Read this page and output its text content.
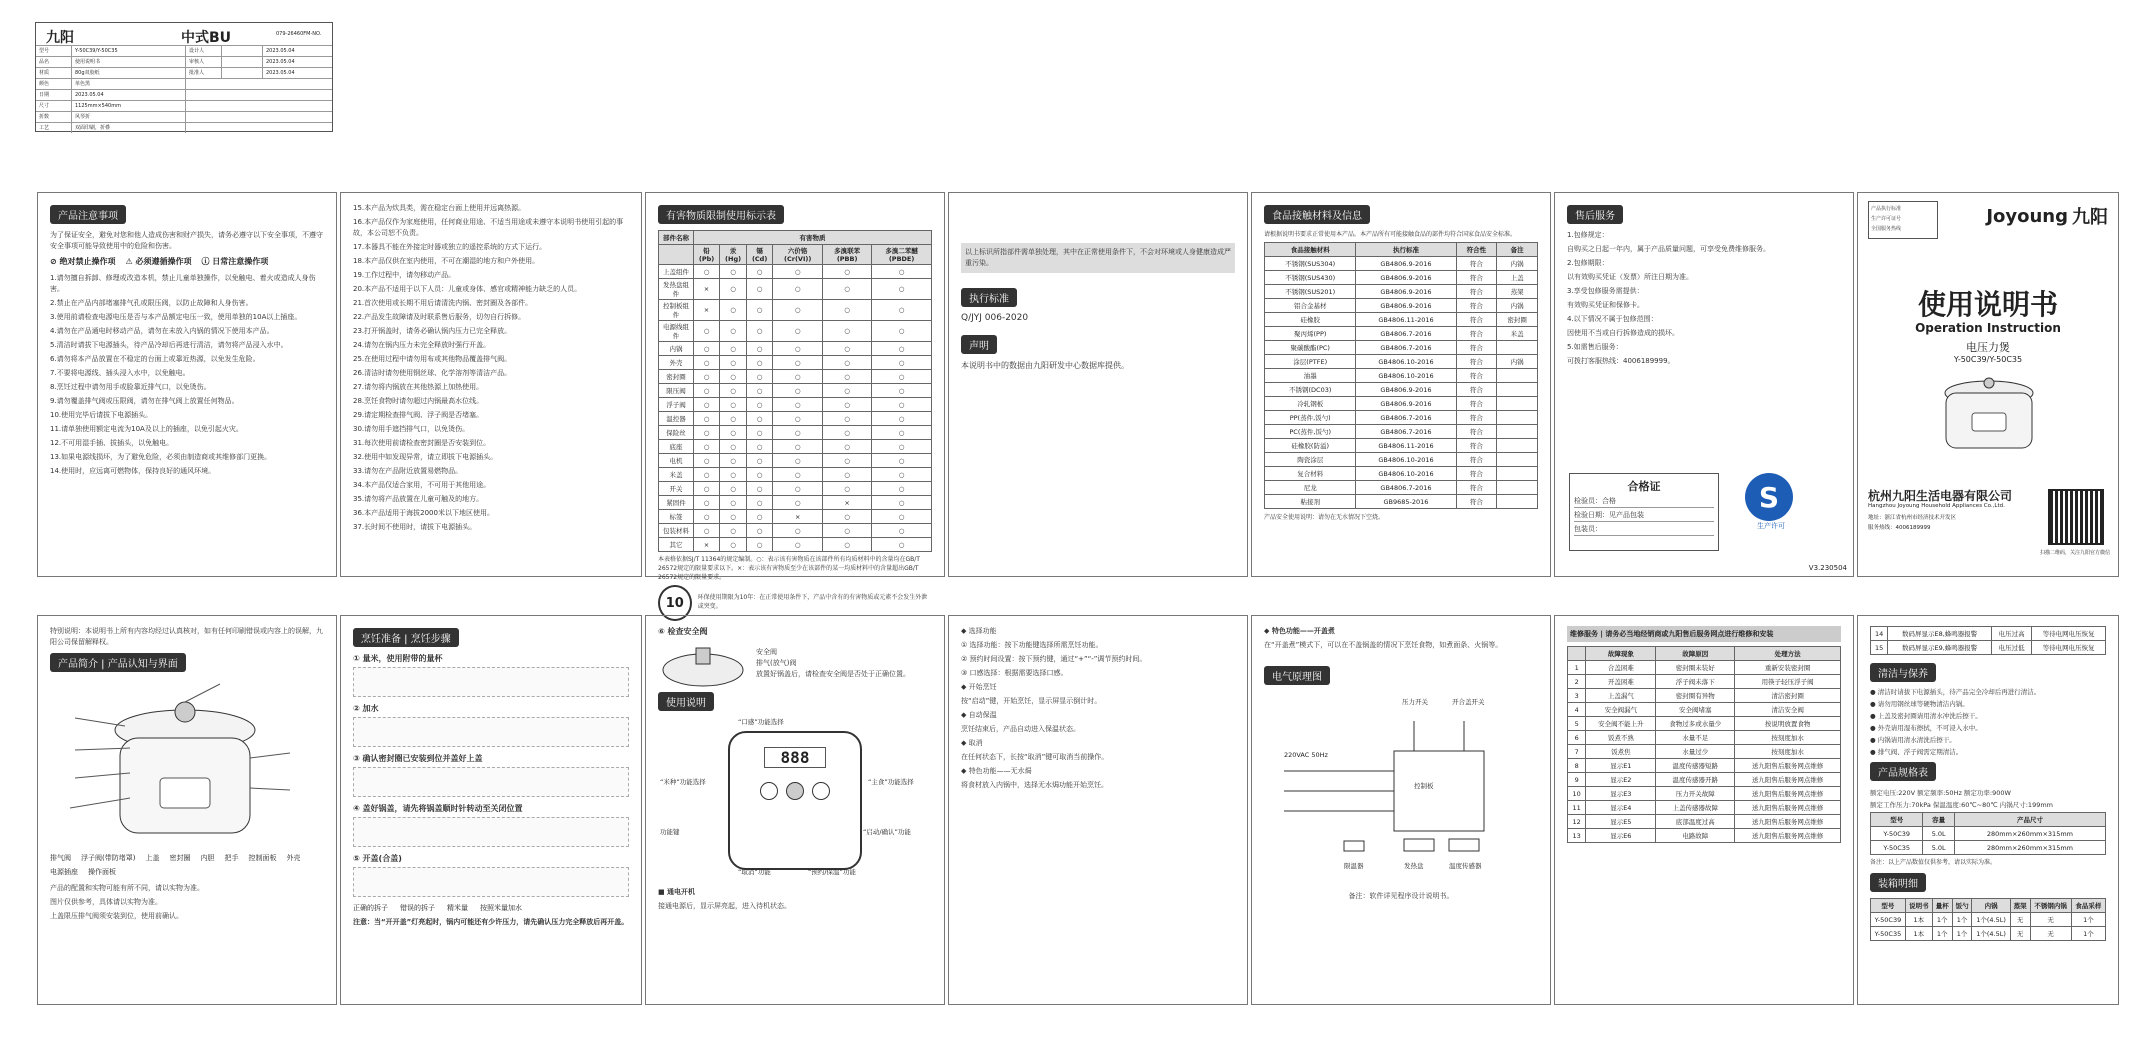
九阳	中式BU	079-26460FM-NO.
型号	Y-50C39/Y-50C35	设计人	2023.05.04
品名	使用说明书	审核人	2023.05.04
材质	80g双胶纸	批准人	2023.05.04
颜色	单色黑
日期	2023.05.04
尺寸	1125mm×540mm
折数	风琴折
工艺	双面印刷，折叠
产品注意事项
为了保证安全，避免对您和他人造成伤害和财产损失，请务必遵守以下安全事项，不遵守安全事项可能导致使用中的危险和伤害。
⊘ 绝对禁止操作项 ⚠ 必须遵循操作项 ⓘ 日常注意操作项
1.请勿擅自拆卸、修理或改造本机，禁止儿童单独操作，以免触电、着火或造成人身伤害。
2.禁止在产品内部堵塞排气孔或限压阀，以防止故障和人身伤害。
3.使用前请检查电源电压是否与本产品额定电压一致，使用单独的10A以上插座。
4.请勿在产品通电时移动产品，请勿在未放入内锅的情况下使用本产品。
5.清洁时请拔下电源插头，待产品冷却后再进行清洁，请勿将产品浸入水中。
6.请勿将本产品放置在不稳定的台面上或靠近热源，以免发生危险。
7.不要将电源线、插头浸入水中，以免触电。
8.烹饪过程中请勿用手或脸靠近排气口，以免烫伤。
9.请勿覆盖排气阀或压限阀，请勿在排气阀上放置任何物品。
10.使用完毕后请拔下电源插头。
11.请单独使用额定电流为10A及以上的插座，以免引起火灾。
12.不可用湿手插、拔插头，以免触电。
13.如果电源线损坏，为了避免危险，必须由制造商或其维修部门更换。
14.使用时，应远离可燃物体，保持良好的通风环境。
15.本产品为炊具类，需在稳定台面上使用并远离热源。
16.本产品仅作为家庭使用，任何商业用途、不适当用途或未遵守本说明书使用引起的事故，本公司恕不负责。
17.本器具不能在外接定时器或独立的遥控系统的方式下运行。
18.本产品仅供在室内使用，不可在潮湿的地方和户外使用。
19.工作过程中，请勿移动产品。
20.本产品不适用于以下人员：儿童或身体、感官或精神能力缺乏的人员。
21.首次使用或长期不用后请清洗内锅、密封圈及各部件。
22.产品发生故障请及时联系售后服务，切勿自行拆修。
23.打开锅盖时，请务必确认锅内压力已完全释放。
24.请勿在锅内压力未完全释放时强行开盖。
25.在使用过程中请勿用布或其他物品覆盖排气阀。
26.清洁时请勿使用钢丝球、化学溶剂等清洁产品。
27.请勿将内锅放在其他热源上加热使用。
28.烹饪食物时请勿超过内锅最高水位线。
29.请定期检查排气阀、浮子阀是否堵塞。
30.请勿用手遮挡排气口，以免烫伤。
31.每次使用前请检查密封圈是否安装到位。
32.使用中如发现异常，请立即拔下电源插头。
33.请勿在产品附近放置易燃物品。
34.本产品仅适合家用，不可用于其他用途。
35.请勿将产品放置在儿童可触及的地方。
36.本产品适用于海拔2000米以下地区使用。
37.长时间不使用时，请拔下电源插头。
有害物质限制使用标示表
部件名称	有害物质					
	铅(Pb)	汞(Hg)	镉(Cd)	六价铬(Cr(VI))	多溴联苯(PBB)	多溴二苯醚(PBDE)
上盖组件	○	○	○	○	○	○
发热盘组件	×	○	○	○	○	○
控制板组件	×	○	○	○	○	○
电源线组件	○	○	○	○	○	○
内锅	○	○	○	○	○	○
外壳	○	○	○	○	○	○
密封圈	○	○	○	○	○	○
限压阀	○	○	○	○	○	○
浮子阀	○	○	○	○	○	○
温控器	○	○	○	○	○	○
保险丝	○	○	○	○	○	○
底座	○	○	○	○	○	○
电机	○	○	○	○	○	○
米盖	○	○	○	○	○	○
开关	○	○	○	○	○	○
紧固件	○	○	○	○	×	○
标签	○	○	○	×	○	○
包装材料	○	○	○	○	○	○
其它	×	○	○	○	○	○
本表格依据SJ/T 11364的规定编制。○：表示该有害物质在该部件所有均质材料中的含量均在GB/T 26572规定的限量要求以下。×：表示该有害物质至少在该部件的某一均质材料中的含量超出GB/T 26572规定的限量要求。
10	环保使用期限为10年：在正常使用条件下，产品中含有的有害物质或元素不会发生外泄或突变。
以上标识所指部件需单独处理，其中在正常使用条件下，不会对环境或人身健康造成严重污染。
执行标准
Q/JYJ 006-2020
声明
本说明书中的数据由九阳研发中心数据库提供。
食品接触材料及信息
请根据说明书要求正常使用本产品。本产品所有可能接触食品的部件均符合国家食品安全标准。
食品接触材料	执行标准	符合性	备注
不锈钢(SUS304)	GB4806.9-2016	符合	内锅
不锈钢(SUS430)	GB4806.9-2016	符合	上盖
不锈钢(SUS201)	GB4806.9-2016	符合	蒸架
铝合金基材	GB4806.9-2016	符合	内锅
硅橡胶	GB4806.11-2016	符合	密封圈
聚丙烯(PP)	GB4806.7-2016	符合	米盖
聚碳酸酯(PC)	GB4806.7-2016	符合	
涂层(PTFE)	GB4806.10-2016	符合	内锅
油墨	GB4806.10-2016	符合	
不锈钢(DC03)	GB4806.9-2016	符合	
冷轧钢板	GB4806.9-2016	符合	
PP(蒸件,饭勺)	GB4806.7-2016	符合	
PC(蒸件,饭勺)	GB4806.7-2016	符合	
硅橡胶(防溢)	GB4806.11-2016	符合	
陶瓷涂层	GB4806.10-2016	符合	
复合材料	GB4806.10-2016	符合	
尼龙	GB4806.7-2016	符合	
粘接剂	GB9685-2016	符合	
产品安全使用说明：请勿在无水情况下空烧。
售后服务
1.包修规定：
自购买之日起一年内，属于产品质量问题，可享受免费维修服务。
2.包修期限：
以有效购买凭证（发票）所注日期为准。
3.享受包修服务需提供：
有效购买凭证和保修卡。
4.以下情况不属于包修范围：
因使用不当或自行拆修造成的损坏。
5.如需售后服务：
可拨打客服热线：4006189999。
合格证
检验员：合格
检验日期：见产品包装
包装员：
S
生产许可
V3.230504
产品执行标准
生产许可证号
全国服务热线
Joyoung 九阳
使用说明书
Operation Instruction
电压力煲
Y-50C39/Y-50C35
杭州九阳生活电器有限公司
Hangzhou Joyoung Household Appliances Co.,Ltd.
地址：浙江省杭州市经济技术开发区
服务热线：4006189999
扫描二维码，关注九阳官方微信
特别说明：本说明书上所有内容均经过认真核对，如有任何印刷错误或内容上的误解，九阳公司保留解释权。
产品简介 | 产品认知与界面
排气阀 浮子阀(带防堵罩) 上盖 密封圈 内胆 把手 控制面板 外壳
电源插座 操作面板
产品的配置和实物可能有所不同，请以实物为准。
图片仅供参考，具体请以实物为准。
上盖限压排气阀须安装到位，使用前确认。
烹饪准备 | 烹饪步骤
① 量米，使用附带的量杯
② 加水
③ 确认密封圈已安装到位并盖好上盖
④ 盖好锅盖，请先将锅盖顺时针转动至关闭位置
⑤ 开盖(合盖)
正确的拆子 错误的拆子 精米量 按照米量加水
注意：当“开开盖”灯亮起时，锅内可能还有少许压力，请先确认压力完全释放后再开盖。
⑥ 检查安全阀
安全阀
排气(放气)阀
放置好锅盖后，请检查安全阀是否处于正确位置。
使用说明
888
“口感”功能选择
“米种”功能选择	“主食”功能选择
功能键
“预约/保温”功能
“取消”功能
“启动/确认”功能
■ 通电开机
接通电源后，显示屏亮起，进入待机状态。
◆ 选择功能
① 选择功能：按下功能键选择所需烹饪功能。
② 预约时间设置：按下预约键，通过“+”“-”调节预约时间。
③ 口感选择：根据需要选择口感。
◆ 开始烹饪
按“启动”键，开始烹饪，显示屏显示倒计时。
◆ 自动保温
烹饪结束后，产品自动进入保温状态。
◆ 取消
在任何状态下，长按“取消”键可取消当前操作。
◆ 特色功能——无水焗
将食材放入内锅中，选择无水焗功能开始烹饪。
◆ 特色功能——开盖煮
在“开盖煮”模式下，可以在不盖锅盖的情况下烹饪食物，如煮面条、火锅等。
电气原理图
压力开关	开合盖开关
220VAC 50Hz
控制板
限温器	发热盘	温度传感器
备注：软件详见程序设计说明书。
维修服务 | 请务必当地经销商或九阳售后服务网点进行维修和安装
	故障现象	故障原因	处理方法
1	合盖困难	密封圈未装好	重新安装密封圈
2	开盖困难	浮子阀未落下	用筷子轻压浮子阀
3	上盖漏气	密封圈有异物	清洁密封圈
4	安全阀漏气	安全阀堵塞	清洁安全阀
5	安全阀不能上升	食物过多或水量少	按说明放置食物
6	饭煮不熟	水量不足	按刻度加水
7	饭煮焦	水量过少	按刻度加水
8	显示E1	温度传感器短路	送九阳售后服务网点维修
9	显示E2	温度传感器开路	送九阳售后服务网点维修
10	显示E3	压力开关故障	送九阳售后服务网点维修
11	显示E4	上盖传感器故障	送九阳售后服务网点维修
12	显示E5	底部温度过高	送九阳售后服务网点维修
13	显示E6	电路故障	送九阳售后服务网点维修
14	数码屏显示E8,蜂鸣器报警	电压过高	等待电网电压恢复
15	数码屏显示E9,蜂鸣器报警	电压过低	等待电网电压恢复
清洁与保养
● 清洁时请拔下电源插头，待产品完全冷却后再进行清洁。
● 请勿用钢丝球等硬物清洁内锅。
● 上盖及密封圈请用清水冲洗后擦干。
● 外壳请用湿布擦拭，不可浸入水中。
● 内锅请用清水清洗后擦干。
● 排气阀、浮子阀需定期清洁。
产品规格表
额定电压:220V 额定频率:50Hz 额定功率:900W
额定工作压力:70kPa 保温温度:60℃~80℃ 内锅尺寸:199mm
型号	容量	产品尺寸
Y-50C39	5.0L	280mm×260mm×315mm
Y-50C35	5.0L	280mm×260mm×315mm
备注：以上产品数值仅供参考，请以实际为准。
装箱明细
型号	说明书	量杯	饭勺	内锅	蒸架	不锈钢内锅	食品采样
Y-50C39	1本	1个	1个	1个(4.5L)	无	无	1个
Y-50C35	1本	1个	1个	1个(4.5L)	无	无	1个
